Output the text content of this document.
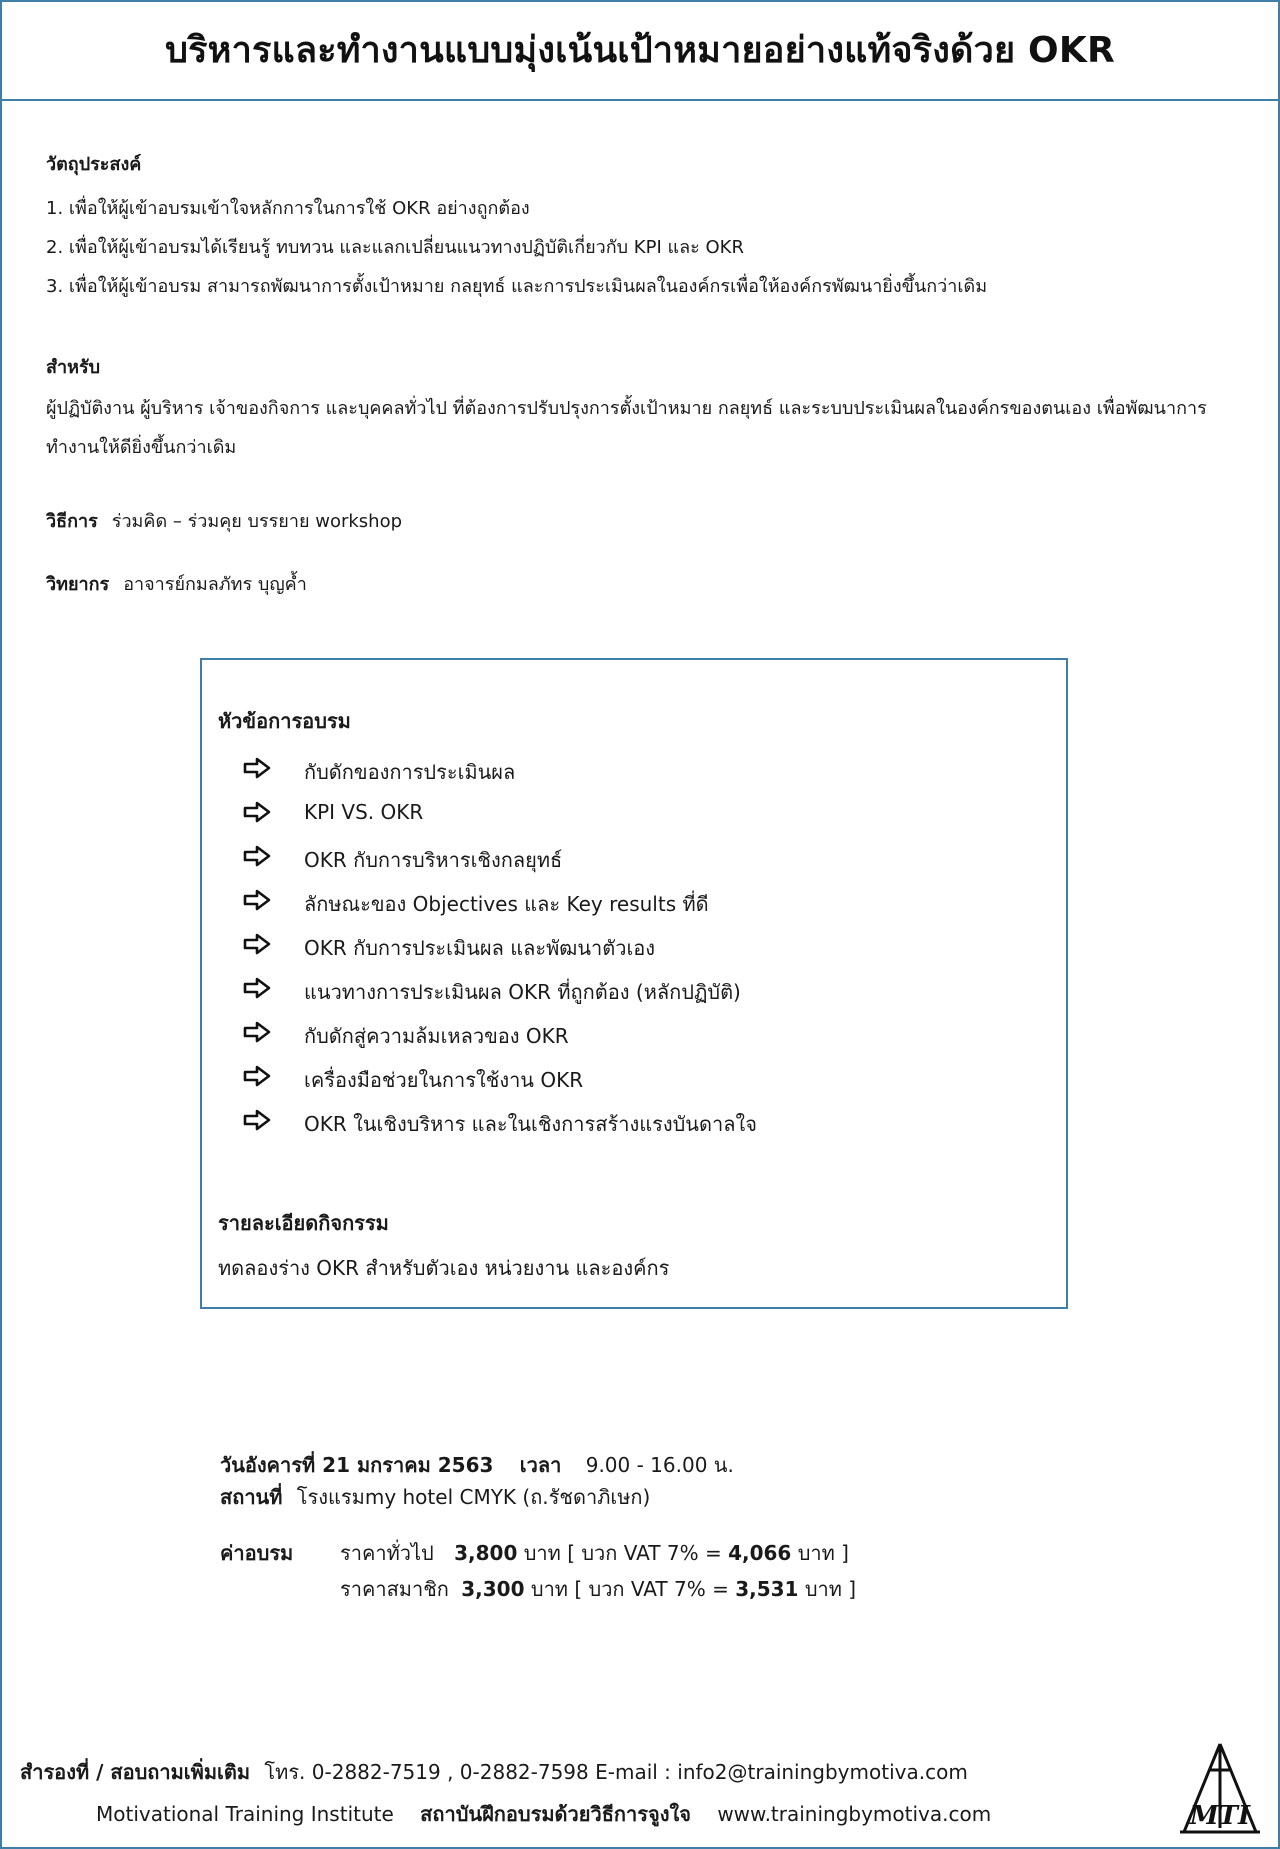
บริหารและทำงานแบบมุ่งเน้นเป้าหมายอย่างแท้จริงด้วย OKR
วัตถุประสงค์
1. เพื่อให้ผู้เข้าอบรมเข้าใจหลักการในการใช้ OKR อย่างถูกต้อง
2. เพื่อให้ผู้เข้าอบรมได้เรียนรู้ ทบทวน และแลกเปลี่ยนแนวทางปฏิบัติเกี่ยวกับ KPI และ OKR
3. เพื่อให้ผู้เข้าอบรม สามารถพัฒนาการตั้งเป้าหมาย กลยุทธ์ และการประเมินผลในองค์กรเพื่อให้องค์กรพัฒนายิ่งขึ้นกว่าเดิม
สำหรับ
ผู้ปฏิบัติงาน ผู้บริหาร เจ้าของกิจการ และบุคคลทั่วไป ที่ต้องการปรับปรุงการตั้งเป้าหมาย กลยุทธ์ และระบบประเมินผลในองค์กรของตนเอง เพื่อพัฒนาการทำงานให้ดียิ่งขึ้นกว่าเดิม
วิธีการ ร่วมคิด – ร่วมคุย บรรยาย workshop
วิทยากร อาจารย์กมลภัทร บุญค้ำ
หัวข้อการอบรม
กับดักของการประเมินผล
KPI VS. OKR
OKR กับการบริหารเชิงกลยุทธ์
ลักษณะของ Objectives และ Key results ที่ดี
OKR กับการประเมินผล และพัฒนาตัวเอง
แนวทางการประเมินผล OKR ที่ถูกต้อง (หลักปฏิบัติ)
กับดักสู่ความล้มเหลวของ OKR
เครื่องมือช่วยในการใช้งาน OKR
OKR ในเชิงบริหาร และในเชิงการสร้างแรงบันดาลใจ
รายละเอียดกิจกรรม
ทดลองร่าง OKR สำหรับตัวเอง หน่วยงาน และองค์กร
วันอังคารที่ 21 มกราคม 2563 เวลา 9.00 - 16.00 น.
สถานที่ โรงแรมmy hotel CMYK (ถ.รัชดาภิเษก)
ค่าอบรม ราคาทั่วไป 3,800 บาท [ บวก VAT 7% = 4,066 บาท ]
ราคาสมาชิก 3,300 บาท [ บวก VAT 7% = 3,531 บาท ]
สำรองที่ / สอบถามเพิ่มเติม โทร. 0-2882-7519 , 0-2882-7598 E-mail : info2@trainingbymotiva.com
Motivational Training Institute สถาบันฝึกอบรมด้วยวิธีการจูงใจ www.trainingbymotiva.com	MTI
